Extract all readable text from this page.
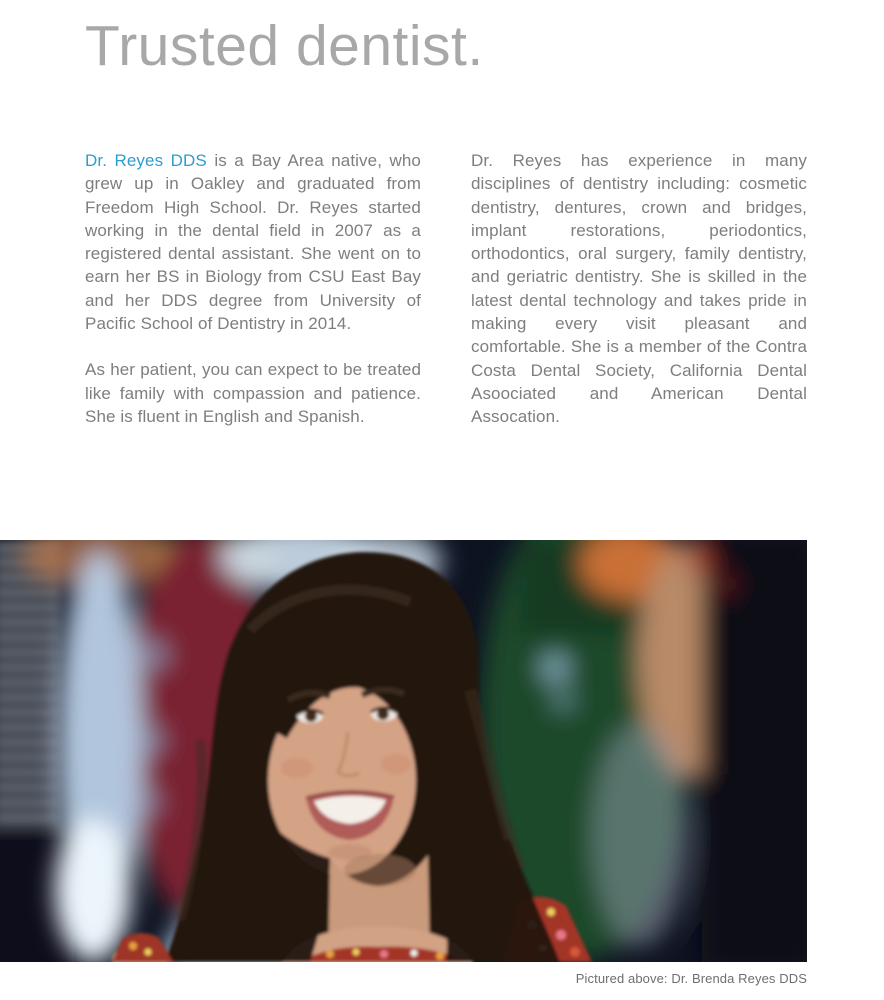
Trusted dentist.

Dr. Reyes DDS is a Bay Area native, who grew up in Oakley and graduated from Freedom High School. Dr. Reyes started working in the dental field in 2007 as a registered dental assistant. She went on to earn her BS in Biology from CSU East Bay and her DDS degree from University of Pacific School of Dentistry in 2014.

As her patient, you can expect to be treated like family with compassion and patience. She is fluent in English and Spanish.

Dr. Reyes has experience in many disciplines of dentistry including: cosmetic dentistry, dentures, crown and bridges, implant restorations, periodontics, orthodontics, oral surgery, family dentistry, and geriatric dentistry. She is skilled in the latest dental technology and takes pride in making every visit pleasant and comfortable. She is a member of the Contra Costa Dental Society, California Dental Asoociated and American Dental Assocation.

Pictured above: Dr. Brenda Reyes DDS
